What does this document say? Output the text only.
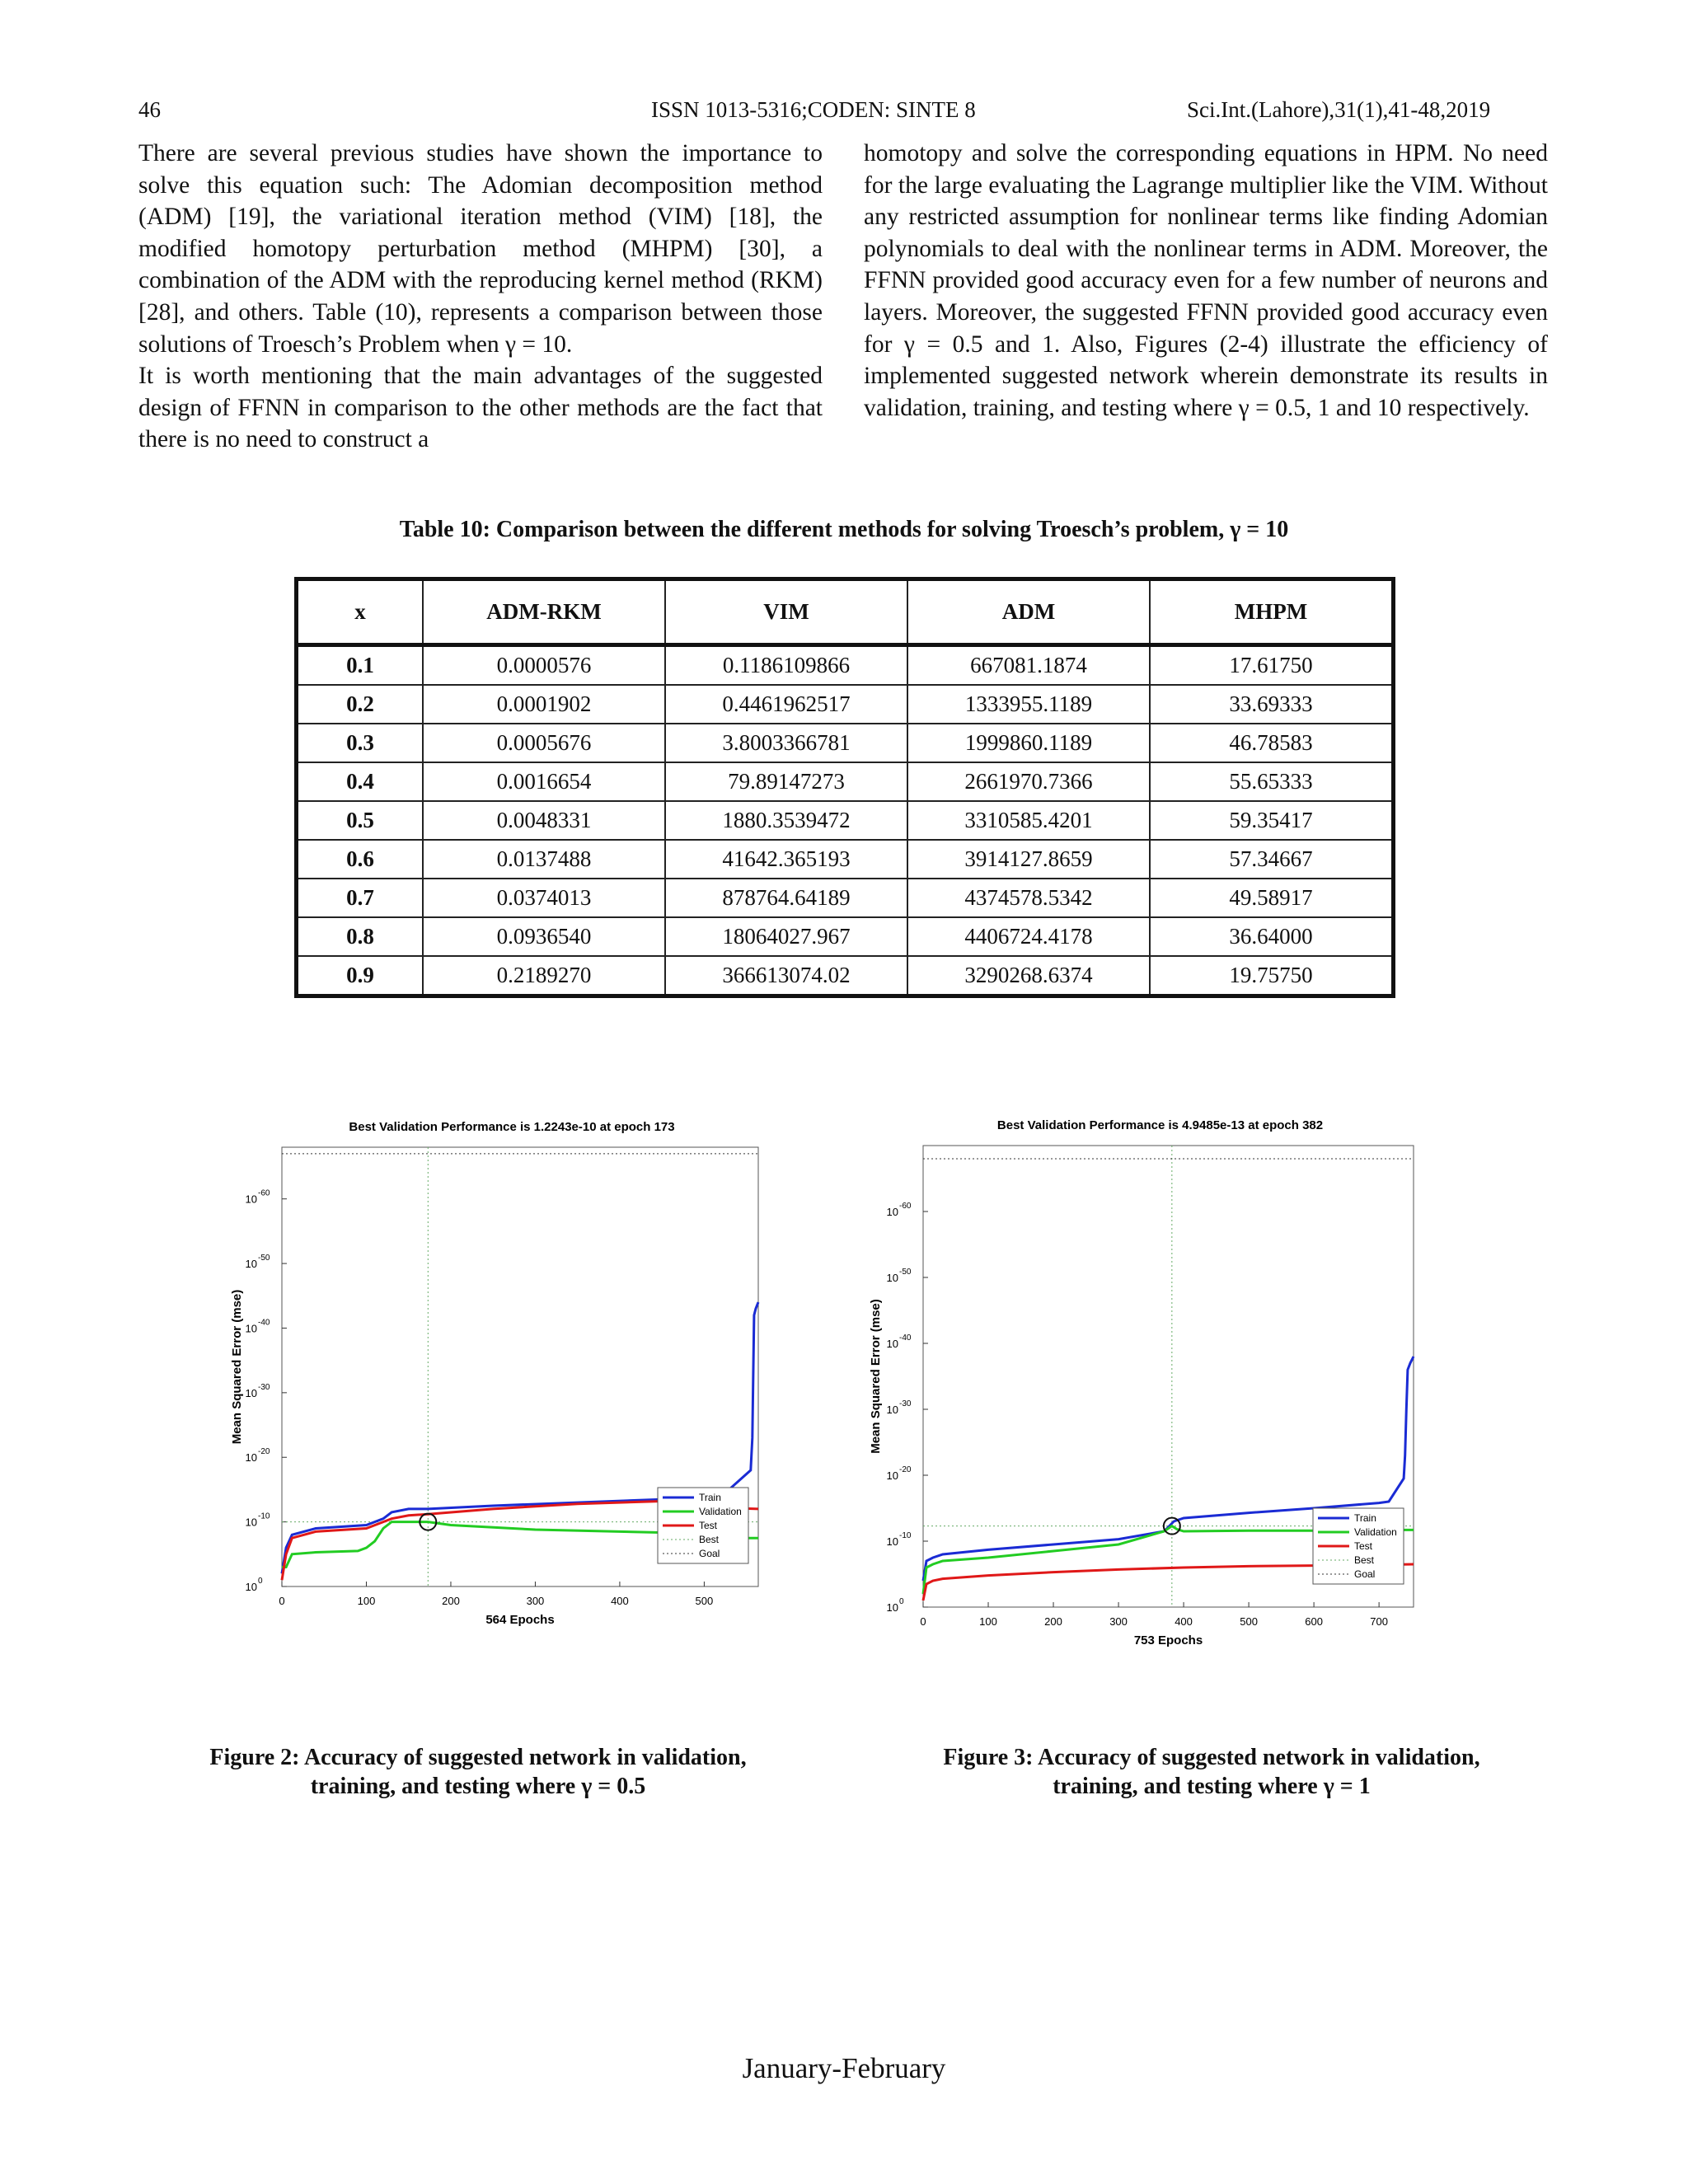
46	ISSN 1013-5316;CODEN: SINTE 8	Sci.Int.(Lahore),31(1),41-48,2019

There are several previous studies have shown the importance to solve this equation such: The Adomian decomposition method (ADM) [19], the variational iteration method (VIM) [18], the modified homotopy perturbation method (MHPM) [30], a combination of the ADM with the reproducing kernel method (RKM) [28], and others. Table (10), represents a comparison between those solutions of Troesch’s Problem when γ = 10.

It is worth mentioning that the main advantages of the suggested design of FFNN in comparison to the other methods are the fact that there is no need to construct a

homotopy and solve the corresponding equations in HPM. No need for the large evaluating the Lagrange multiplier like the VIM. Without any restricted assumption for nonlinear terms like finding Adomian polynomials to deal with the nonlinear terms in ADM. Moreover, the FFNN provided good accuracy even for a few number of neurons and layers. Moreover, the suggested FFNN provided good accuracy even for γ = 0.5 and 1. Also, Figures (2-4) illustrate the efficiency of implemented suggested network wherein demonstrate its results in validation, training, and testing where γ = 0.5, 1 and 10 respectively.

Table 10: Comparison between the different methods for solving Troesch’s problem, γ = 10
x	ADM-RKM	VIM	ADM	MHPM
0.1	0.0000576	0.1186109866	667081.1874	17.61750
0.2	0.0001902	0.4461962517	1333955.1189	33.69333
0.3	0.0005676	3.8003366781	1999860.1189	46.78583
0.4	0.0016654	79.89147273	2661970.7366	55.65333
0.5	0.0048331	1880.3539472	3310585.4201	59.35417
0.6	0.0137488	41642.365193	3914127.8659	57.34667
0.7	0.0374013	878764.64189	4374578.5342	49.58917
0.8	0.0936540	18064027.967	4406724.4178	36.64000
0.9	0.2189270	366613074.02	3290268.6374	19.75750
Best Validation Performance is 1.2243e-10 at epoch 173
0	100	200	300	400	500
10 0
10 -10
10 -20
10 -30
10 -40
10 -50
10 -60
564 Epochs
Mean Squared Error (mse)
Train
Validation
Test
Best
Goal
Best Validation Performance is 4.9485e-13 at epoch 382
0	100	200	300	400	500	600	700
10 0
10 -10
10 -20
10 -30
10 -40
10 -50
10 -60
753 Epochs
Mean Squared Error (mse)
Train
Validation
Test
Best
Goal
Figure 2: Accuracy of suggested network in validation,
training, and testing where γ = 0.5
Figure 3: Accuracy of suggested network in validation,
training, and testing where γ = 1
January-February
